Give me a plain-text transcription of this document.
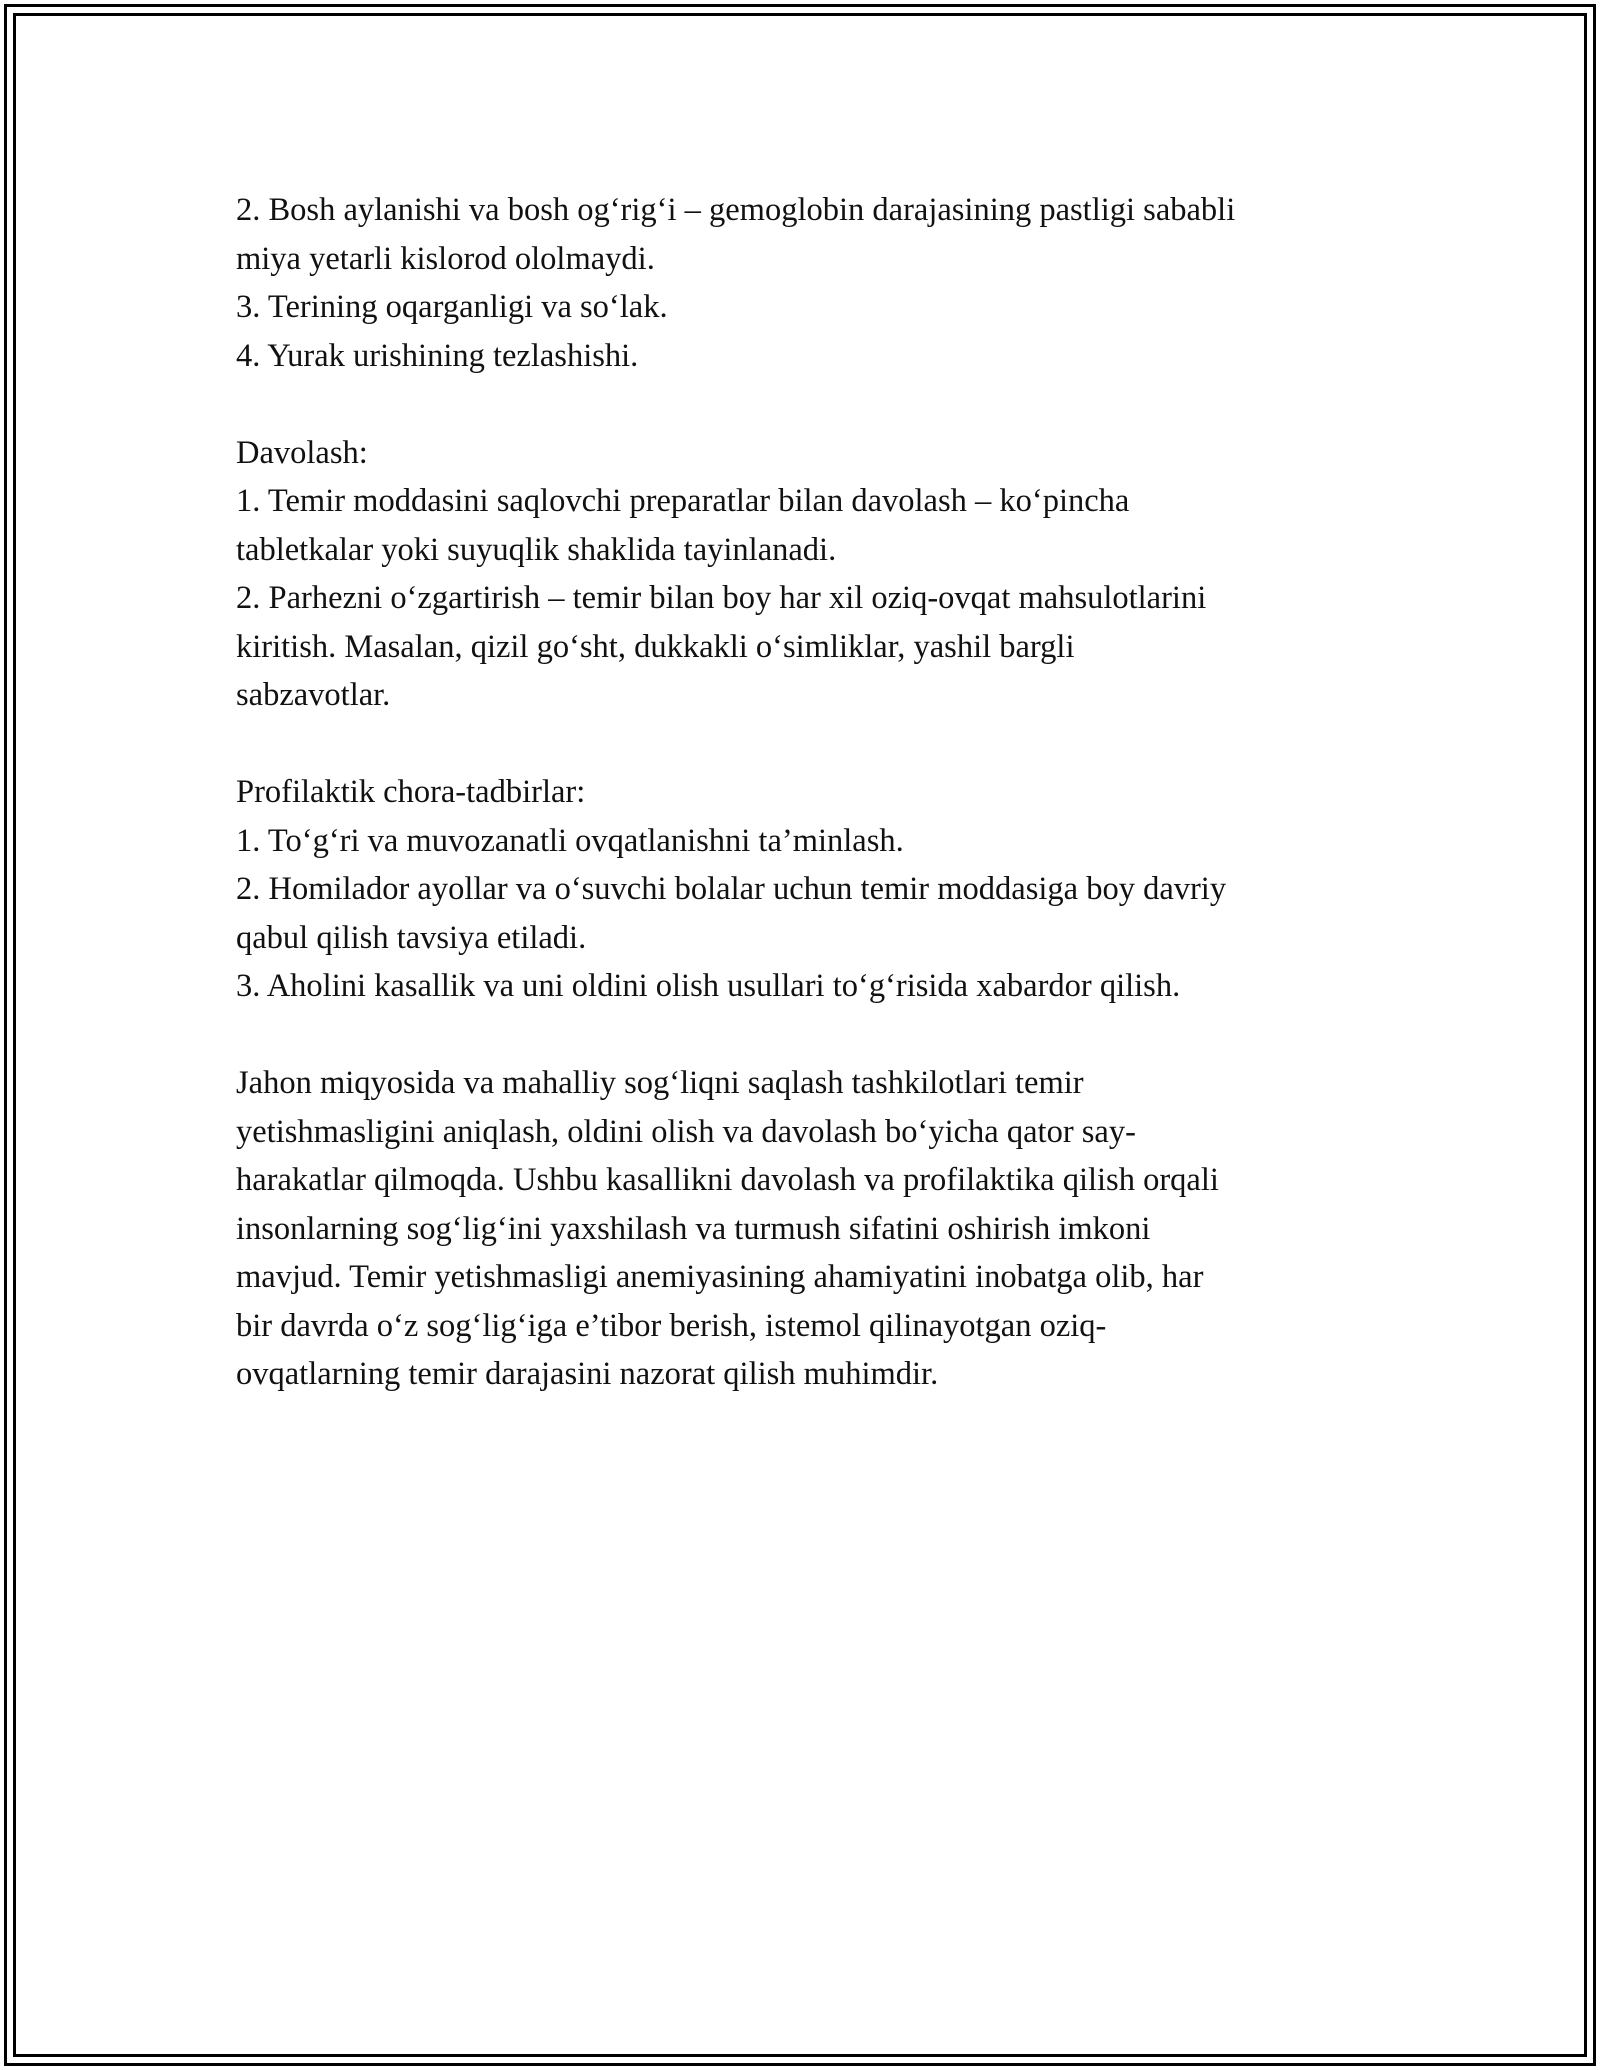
2. Bosh aylanishi va bosh og‘rig‘i – gemoglobin darajasining pastligi sababli
miya yetarli kislorod ololmaydi.
3. Terining oqarganligi va so‘lak.
4. Yurak urishining tezlashishi.
Davolash:
1. Temir moddasini saqlovchi preparatlar bilan davolash – ko‘pincha
tabletkalar yoki suyuqlik shaklida tayinlanadi.
2. Parhezni o‘zgartirish – temir bilan boy har xil oziq-ovqat mahsulotlarini
kiritish. Masalan, qizil go‘sht, dukkakli o‘simliklar, yashil bargli
sabzavotlar.
Profilaktik chora-tadbirlar:
1. To‘g‘ri va muvozanatli ovqatlanishni ta’minlash.
2. Homilador ayollar va o‘suvchi bolalar uchun temir moddasiga boy davriy
qabul qilish tavsiya etiladi.
3. Aholini kasallik va uni oldini olish usullari to‘g‘risida xabardor qilish.
Jahon miqyosida va mahalliy sog‘liqni saqlash tashkilotlari temir
yetishmasligini aniqlash, oldini olish va davolash bo‘yicha qator say-
harakatlar qilmoqda. Ushbu kasallikni davolash va profilaktika qilish orqali
insonlarning sog‘lig‘ini yaxshilash va turmush sifatini oshirish imkoni
mavjud. Temir yetishmasligi anemiyasining ahamiyatini inobatga olib, har
bir davrda o‘z sog‘lig‘iga e’tibor berish, istemol qilinayotgan oziq-
ovqatlarning temir darajasini nazorat qilish muhimdir.
